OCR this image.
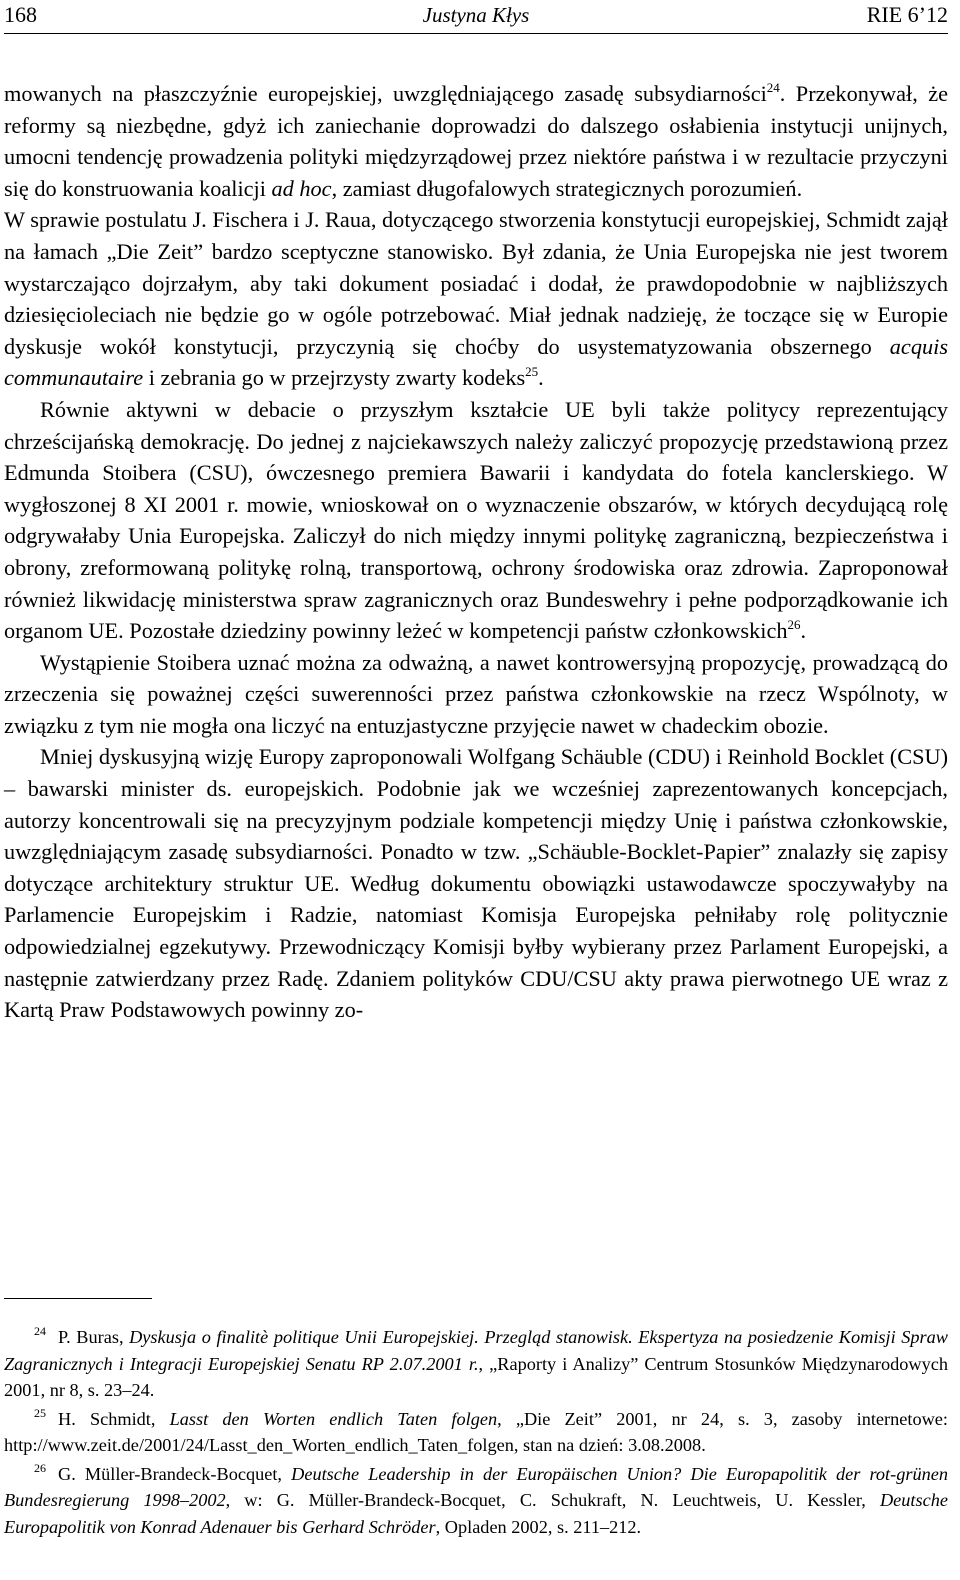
168	Justyna Kłys	RIE 6’12

mowanych na płaszczyźnie europejskiej, uwzględniającego zasadę subsydiarności$^{24}$. Przekonywał, że reformy są niezbędne, gdyż ich zaniechanie doprowadzi do dalszego osłabienia instytucji unijnych, umocni tendencję prowadzenia polityki międzyrządowej przez niektóre państwa i w rezultacie przyczyni się do konstruowania koalicji ad hoc, zamiast długofalowych strategicznych porozumień.

W sprawie postulatu J. Fischera i J. Raua, dotyczącego stworzenia konstytucji europejskiej, Schmidt zajął na łamach „Die Zeit” bardzo sceptyczne stanowisko. Był zdania, że Unia Europejska nie jest tworem wystarczająco dojrzałym, aby taki dokument posiadać i dodał, że prawdopodobnie w najbliższych dziesięcioleciach nie będzie go w ogóle potrzebować. Miał jednak nadzieję, że toczące się w Europie dyskusje wokół konstytucji, przyczynią się choćby do usystematyzowania obszernego acquis communautaire i zebrania go w przejrzysty zwarty kodeks$^{25}$.

Równie aktywni w debacie o przyszłym kształcie UE byli także politycy reprezentujący chrześcijańską demokrację. Do jednej z najciekawszych należy zaliczyć propozycję przedstawioną przez Edmunda Stoibera (CSU), ówczesnego premiera Bawarii i kandydata do fotela kanclerskiego. W wygłoszonej 8 XI 2001 r. mowie, wnioskował on o wyznaczenie obszarów, w których decydującą rolę odgrywałaby Unia Europejska. Zaliczył do nich między innymi politykę zagraniczną, bezpieczeństwa i obrony, zreformowaną politykę rolną, transportową, ochrony środowiska oraz zdrowia. Zaproponował również likwidację ministerstwa spraw zagranicznych oraz Bundeswehry i pełne podporządkowanie ich organom UE. Pozostałe dziedziny powinny leżeć w kompetencji państw członkowskich$^{26}$.

Wystąpienie Stoibera uznać można za odważną, a nawet kontrowersyjną propozycję, prowadzącą do zrzeczenia się poważnej części suwerenności przez państwa członkowskie na rzecz Wspólnoty, w związku z tym nie mogła ona liczyć na entuzjastyczne przyjęcie nawet w chadeckim obozie.

Mniej dyskusyjną wizję Europy zaproponowali Wolfgang Schäuble (CDU) i Reinhold Bocklet (CSU) – bawarski minister ds. europejskich. Podobnie jak we wcześniej zaprezentowanych koncepcjach, autorzy koncentrowali się na precyzyjnym podziale kompetencji między Unię i państwa członkowskie, uwzględniającym zasadę subsydiarności. Ponadto w tzw. „Schäuble-Bocklet-Papier” znalazły się zapisy dotyczące architektury struktur UE. Według dokumentu obowiązki ustawodawcze spoczywałyby na Parlamencie Europejskim i Radzie, natomiast Komisja Europejska pełniłaby rolę politycznie odpowiedzialnej egzekutywy. Przewodniczący Komisji byłby wybierany przez Parlament Europejski, a następnie zatwierdzany przez Radę. Zdaniem polityków CDU/CSU akty prawa pierwotnego UE wraz z Kartą Praw Podstawowych powinny zo-

$^{24}$ P. Buras, Dyskusja o finalitè politique Unii Europejskiej. Przegląd stanowisk. Ekspertyza na posiedzenie Komisji Spraw Zagranicznych i Integracji Europejskiej Senatu RP 2.07.2001 r., „Raporty i Analizy” Centrum Stosunków Międzynarodowych 2001, nr 8, s. 23–24.

$^{25}$ H. Schmidt, Lasst den Worten endlich Taten folgen, „Die Zeit” 2001, nr 24, s. 3, zasoby internetowe: http://www.zeit.de/2001/24/Lasst_den_Worten_endlich_Taten_folgen, stan na dzień: 3.08.2008.

$^{26}$ G. Müller-Brandeck-Bocquet, Deutsche Leadership in der Europäischen Union? Die Europapolitik der rot-grünen Bundesregierung 1998–2002, w: G. Müller-Brandeck-Bocquet, C. Schukraft, N. Leuchtweis, U. Kessler, Deutsche Europapolitik von Konrad Adenauer bis Gerhard Schröder, Opladen 2002, s. 211–212.
